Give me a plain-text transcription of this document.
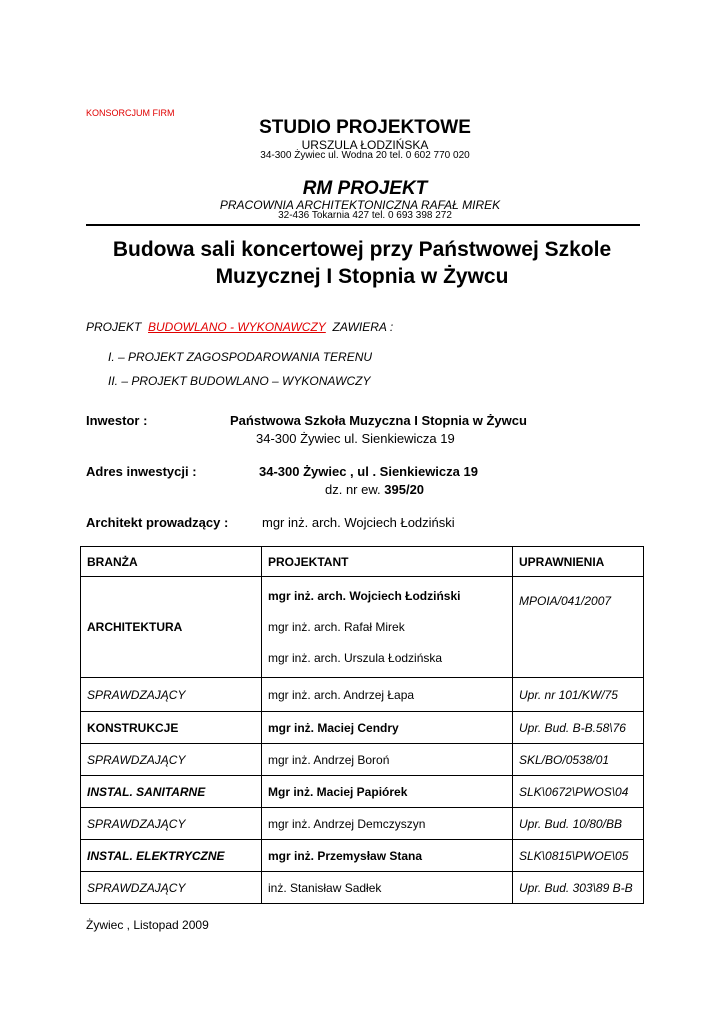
KONSORCJUM FIRM
STUDIO PROJEKTOWE
URSZULA ŁODZIŃSKA
34-300 Żywiec ul. Wodna 20 tel. 0 602 770 020
RM PROJEKT
PRACOWNIA ARCHITEKTONICZNA RAFAŁ MIREK
32-436 Tokarnia 427 tel. 0 693 398 272
Budowa sali koncertowej przy Państwowej Szkole
Muzycznej I Stopnia w Żywcu
PROJEKT BUDOWLANO - WYKONAWCZY ZAWIERA :
I. – PROJEKT ZAGOSPODAROWANIA TERENU
II. – PROJEKT BUDOWLANO – WYKONAWCZY
Inwestor :	Państwowa Szkoła Muzyczna I Stopnia w Żywcu
34-300 Żywiec ul. Sienkiewicza 19
Adres inwestycji :	34-300 Żywiec , ul . Sienkiewicza 19
dz. nr ew. 395/20
Architekt prowadzący :	mgr inż. arch. Wojciech Łodziński
BRANŻA	PROJEKTANT	UPRAWNIENIA
ARCHITEKTURA	mgr inż. arch. Wojciech Łodziński
mgr inż. arch. Rafał Mirek
mgr inż. arch. Urszula Łodzińska	MPOIA/041/2007
SPRAWDZAJĄCY	mgr inż. arch. Andrzej Łapa	Upr. nr 101/KW/75
KONSTRUKCJE	mgr inż. Maciej Cendry	Upr. Bud. B-B.58\76
SPRAWDZAJĄCY	mgr inż. Andrzej Boroń	SKL/BO/0538/01
INSTAL. SANITARNE	Mgr inż. Maciej Papiórek	SLK\0672\PWOS\04
SPRAWDZAJĄCY	mgr inż. Andrzej Demczyszyn	Upr. Bud. 10/80/BB
INSTAL. ELEKTRYCZNE	mgr inż. Przemysław Stana	SLK\0815\PWOE\05
SPRAWDZAJĄCY	inż. Stanisław Sadłek	Upr. Bud. 303\89 B-B
Żywiec , Listopad 2009
